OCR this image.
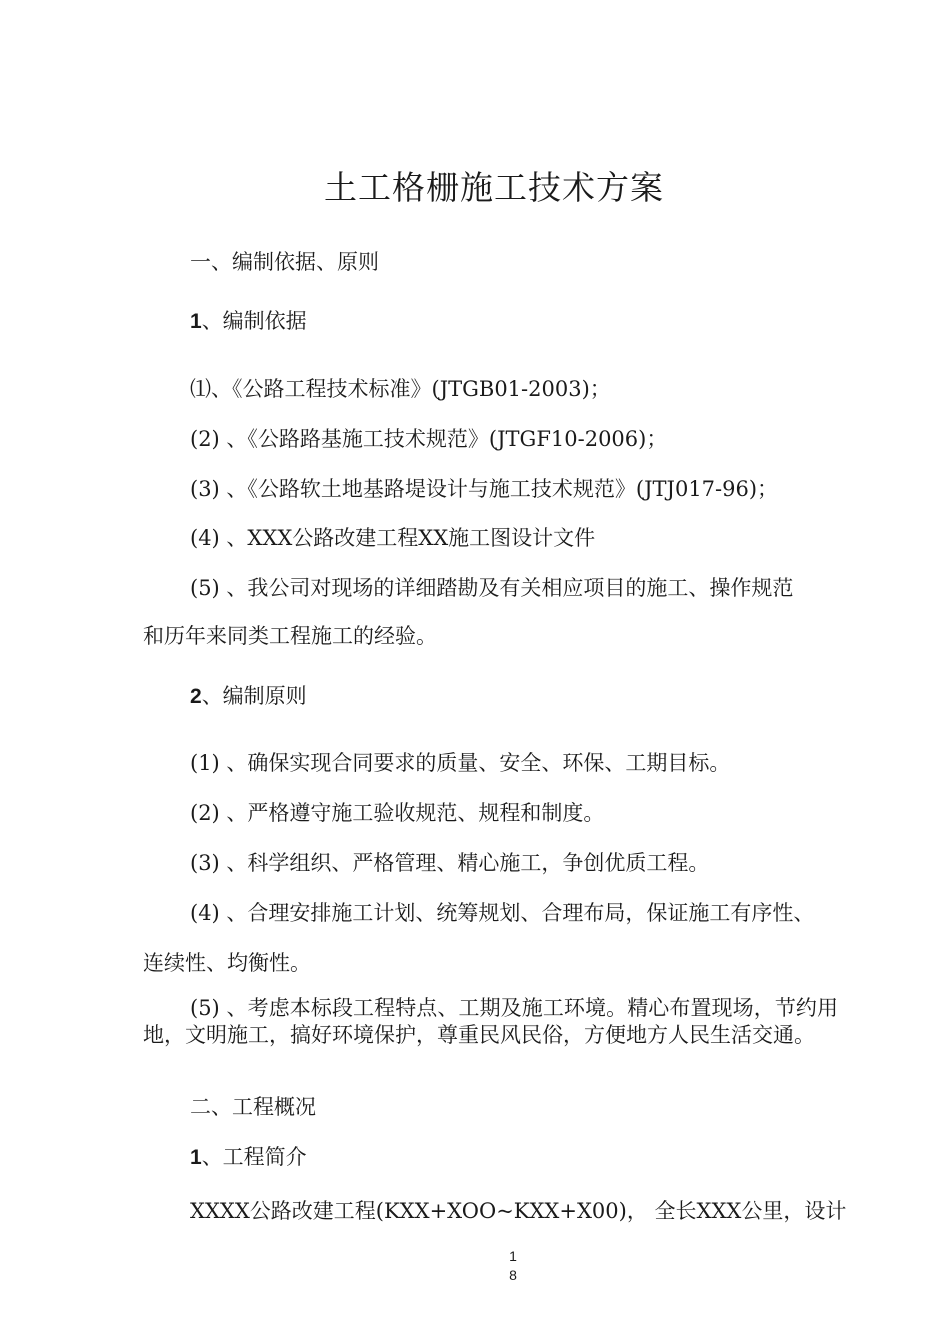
土工格栅施工技术方案
一、编制依据、原则
1、编制依据
⑴、《公路工程技术标准》(JTGB01-2003)；
(2) 、《公路路基施工技术规范》(JTGF10-2006)；
(3) 、《公路软土地基路堤设计与施工技术规范》(JTJ017-96)；
(4) 、XXX公路改建工程XX施工图设计文件
(5) 、我公司对现场的详细踏勘及有关相应项目的施工、操作规范
和历年来同类工程施工的经验。
2、编制原则
(1) 、确保实现合同要求的质量、安全、环保、工期目标。
(2) 、严格遵守施工验收规范、规程和制度。
(3) 、科学组织、严格管理、精心施工，争创优质工程。
(4) 、合理安排施工计划、统筹规划、合理布局，保证施工有序性、
连续性、均衡性。
(5) 、考虑本标段工程特点、工期及施工环境。精心布置现场，节约用地，文明施工，搞好环境保护，尊重民风民俗，方便地方人民生活交通。
二、工程概况
1、工程简介
XXXX公路改建工程(KXX+XOO~KXX+X00)， 全长XXX公里，设计
1
8
